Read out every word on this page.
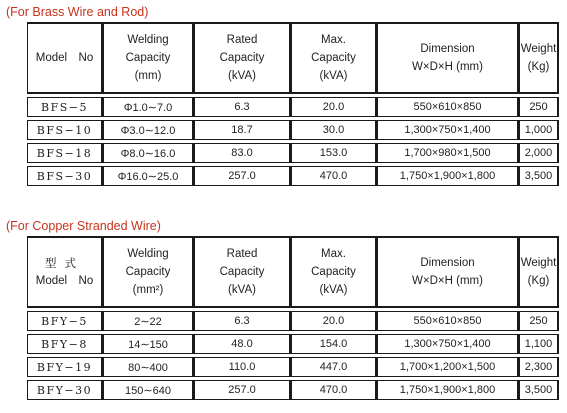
(For Brass Wire and Rod)
Model　No	Welding
Capacity
(mm)	Rated
Capacity
(kVA)	Max.
Capacity
(kVA)	Dimension
W×D×H (mm)	Weight
(Kg)

BFS−5	Φ1.0∼7.0	6.3	20.0	550×610×850	250
BFS−10	Φ3.0∼12.0	18.7	30.0	1,300×750×1,400	1,000
BFS−18	Φ8.0∼16.0	83.0	153.0	1,700×980×1,500	2,000
BFS−30	Φ16.0∼25.0	257.0	470.0	1,750×1,900×1,800	3,500
(For Copper Stranded Wire)
型式
Model　No	Welding
Capacity
(mm²)	Rated
Capacity
(kVA)	Max.
Capacity
(kVA)	Dimension
W×D×H (mm)	Weight
(Kg)

BFY−5	2∼22	6.3	20.0	550×610×850	250
BFY−8	14∼150	48.0	154.0	1,300×750×1,400	1,100
BFY−19	80∼400	110.0	447.0	1,700×1,200×1,500	2,300
BFY−30	150∼640	257.0	470.0	1,750×1,900×1,800	3,500
